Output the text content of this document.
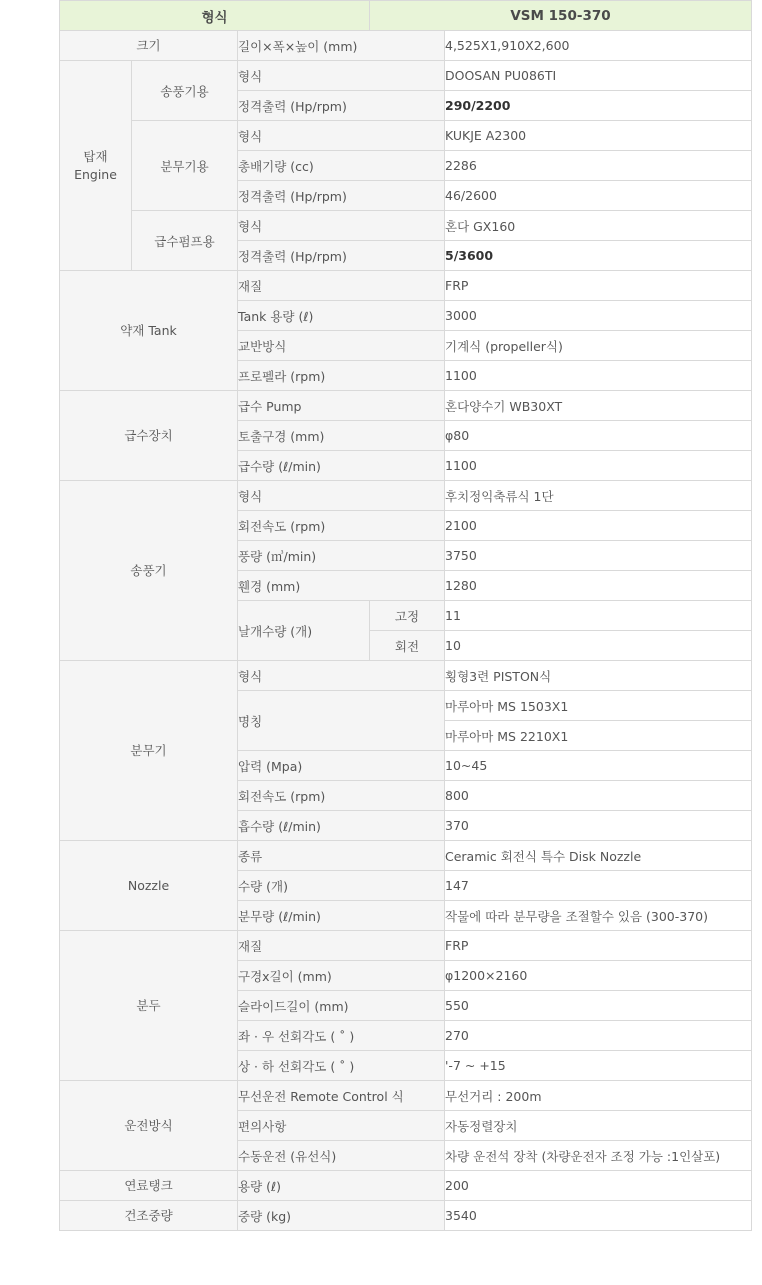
형식			VSM 150-370	
크기		길이×폭×높이 (mm)		4,525X1,910X2,600
탑재
Engine	송풍기용	형식		DOOSAN PU086TI
		정격출력 (Hp/rpm)		290/2200
	분무기용	형식		KUKJE A2300
		총배기량 (cc)		2286
		정격출력 (Hp/rpm)		46/2600
	급수펌프용	형식		혼다 GX160
		정격출력 (Hp/rpm)		5/3600
약재 Tank		재질		FRP
		Tank 용량 (ℓ)		3000
		교반방식		기계식 (propeller식)
		프로펠라 (rpm)		1100
급수장치		급수 Pump		혼다양수기 WB30XT
		토출구경 (mm)		φ80
		급수량 (ℓ/min)		1100
송풍기		형식		후치정익축류식 1단
		회전속도 (rpm)		2100
		풍량 (㎥/min)		3750
		휀경 (mm)		1280
		날개수량 (개)	고정	11
			회전	10
분무기		형식		횡형3련 PISTON식
		명칭		마루아마 MS 1503X1
				마루아마 MS 2210X1
		압력 (Mpa)		10~45
		회전속도 (rpm)		800
		흡수량 (ℓ/min)		370
Nozzle		종류		Ceramic 회전식 특수 Disk Nozzle
		수량 (개)		147
		분무량 (ℓ/min)		작물에 따라 분무량을 조절할수 있음 (300-370)
분두		재질		FRP
		구경x길이 (mm)		φ1200×2160
		슬라이드길이 (mm)		550
		좌 · 우 선회각도 ( ˚ )		270
		상 · 하 선회각도 ( ˚ )		'-7 ~ +15
운전방식		무선운전 Remote Control 식		무선거리 : 200m
		편의사항		자동정렬장치
		수동운전 (유선식)		차량 운전석 장착 (차량운전자 조정 가능 :1인살포)
연료탱크		용량 (ℓ)		200
건조중량		중량 (kg)		3540
